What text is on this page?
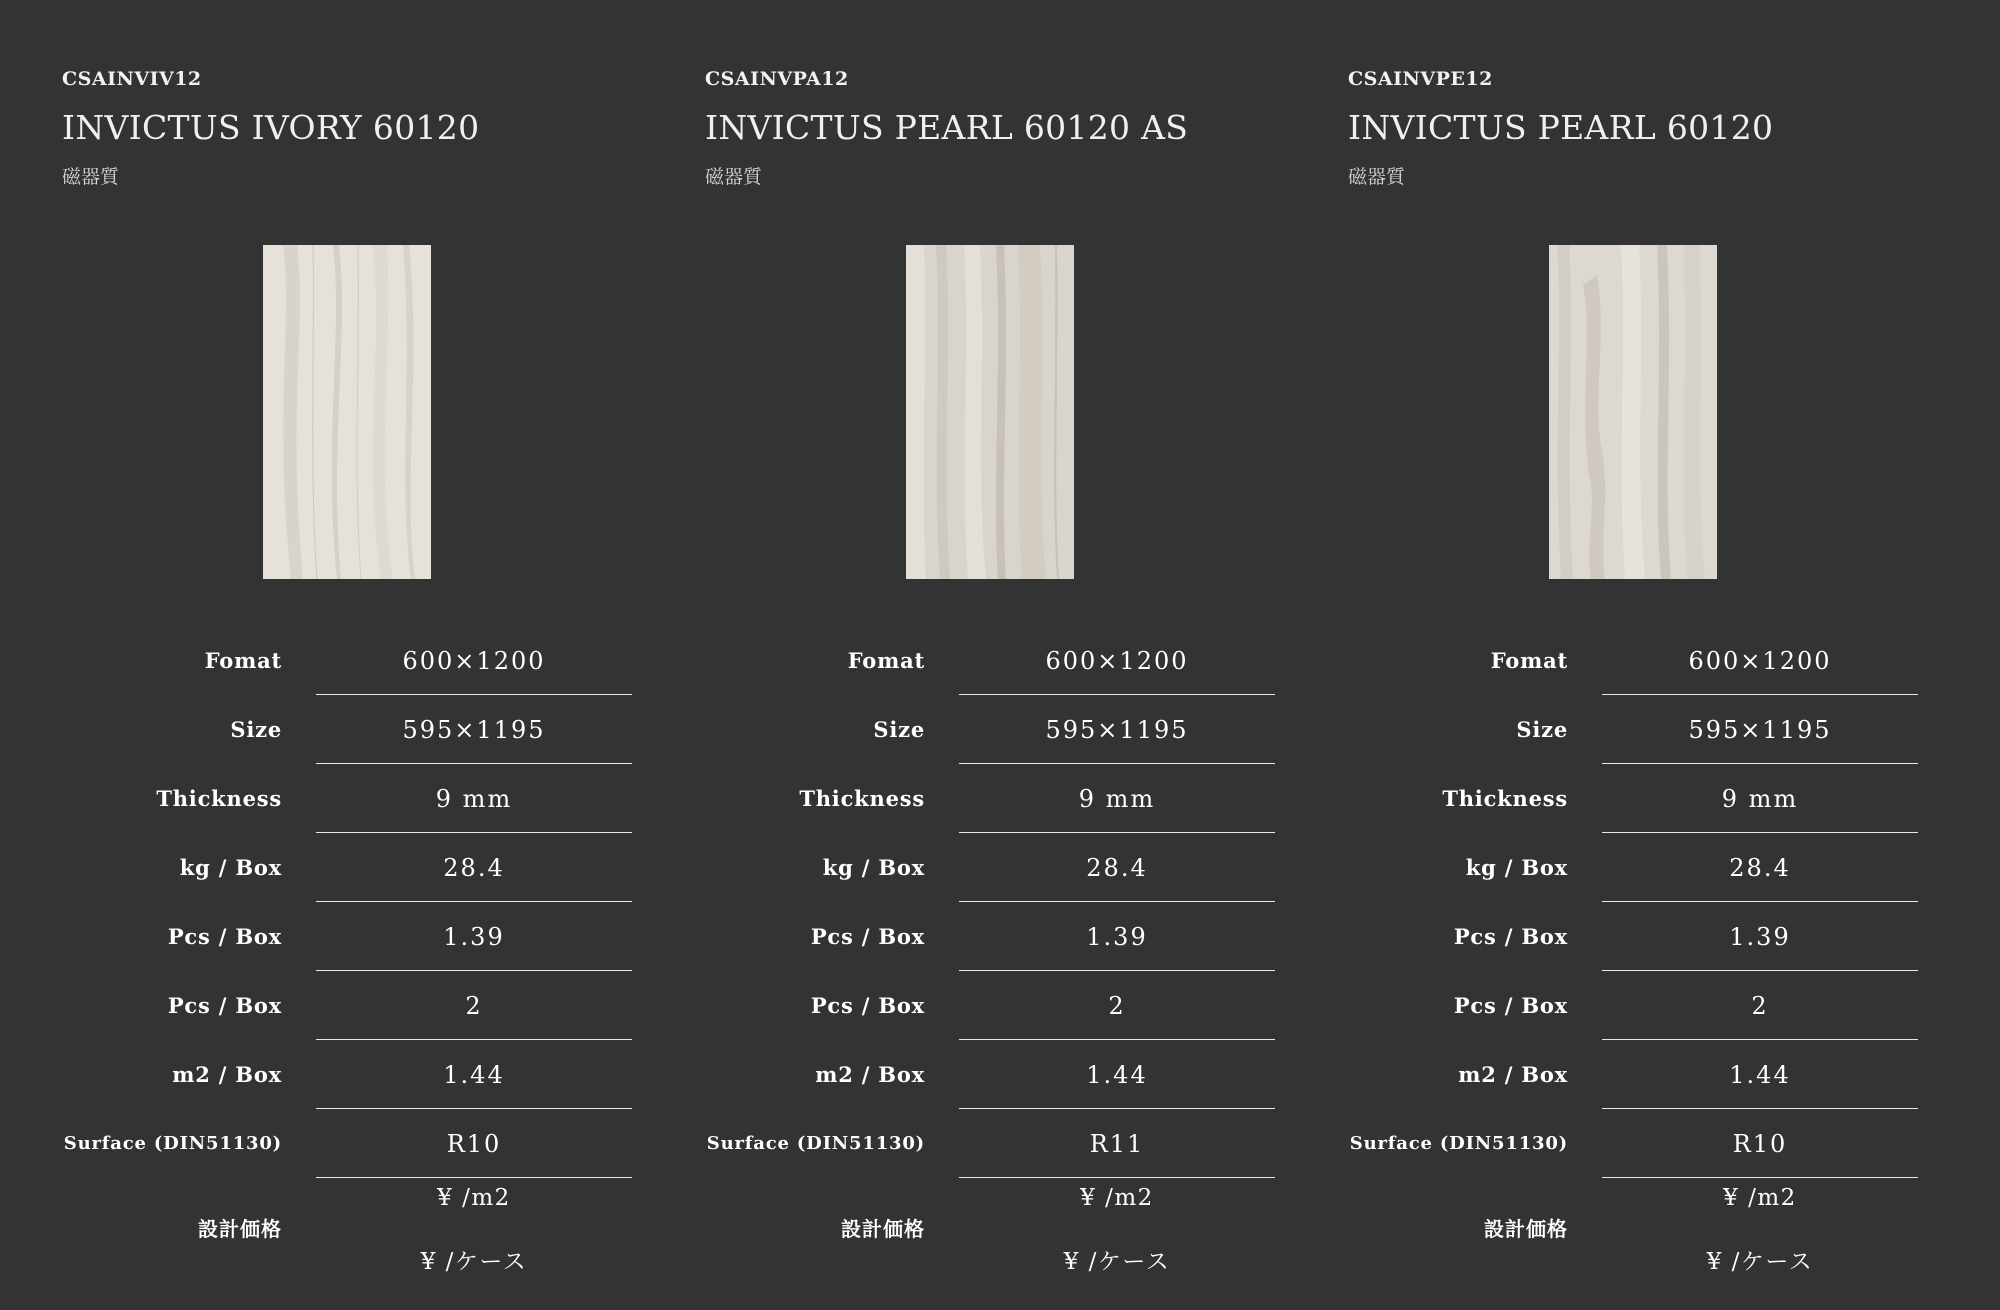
CSAINVIV12
INVICTUS IVORY 60120
磁器質
Fomat	600×1200
Size	595×1195
Thickness	9 mm
kg / Box	28.4
Pcs / Box	1.39
Pcs / Box	2
m2 / Box	1.44
Surface (DIN51130)	R10
設計価格
¥ /m2
¥ /ケース
CSAINVPA12
INVICTUS PEARL 60120 AS
磁器質
Fomat	600×1200
Size	595×1195
Thickness	9 mm
kg / Box	28.4
Pcs / Box	1.39
Pcs / Box	2
m2 / Box	1.44
Surface (DIN51130)	R11
設計価格
¥ /m2
¥ /ケース
CSAINVPE12
INVICTUS PEARL 60120
磁器質
Fomat	600×1200
Size	595×1195
Thickness	9 mm
kg / Box	28.4
Pcs / Box	1.39
Pcs / Box	2
m2 / Box	1.44
Surface (DIN51130)	R10
設計価格
¥ /m2
¥ /ケース
